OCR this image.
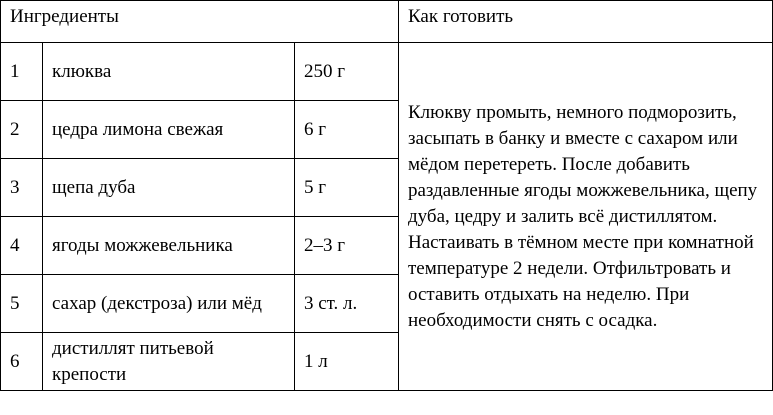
Ингредиенты			Как готовить
1	клюква	250 г	Клюкву промыть, немного подморозить, засыпать в банку и вместе с сахаром или мёдом перетереть. После добавить раздавленные ягоды можжевельника, щепу дуба, цедру и залить всё дистиллятом. Настаивать в тёмном месте при комнатной температуре 2 недели. Отфильтровать и оставить отдыхать на неделю. При необходимости снять с осадка.
2	цедра лимона свежая	6 г	
3	щепа дуба	5 г	
4	ягоды можжевельника	2–3 г	
5	сахар (декстроза) или мёд	3 ст. л.	
6	дистиллят питьевой крепости	1 л	
